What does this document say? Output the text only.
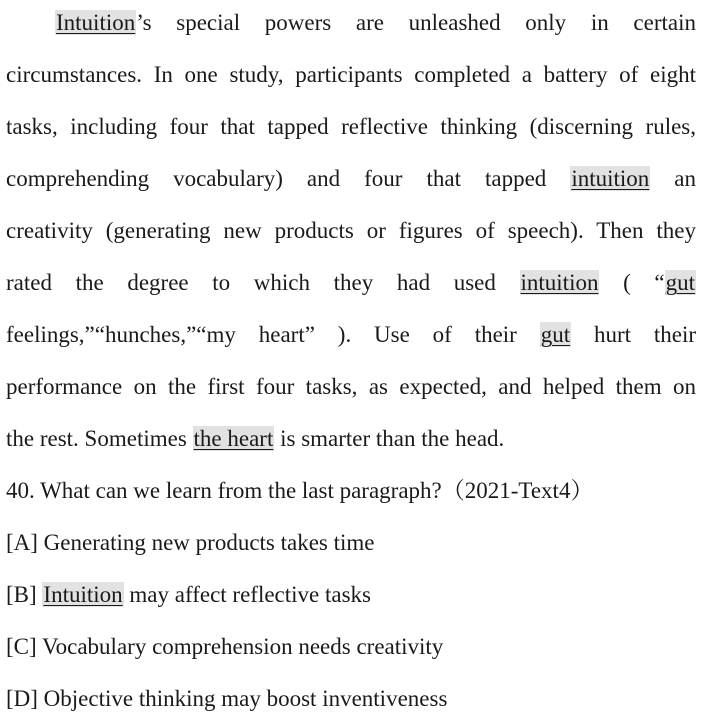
Intuition’s special powers are unleashed only in certain
circumstances. In one study, participants completed a battery of eight
tasks, including four that tapped reflective thinking (discerning rules,
comprehending vocabulary) and four that tapped intuition an
creativity (generating new products or figures of speech). Then they
rated the degree to which they had used intuition ( “gut
feelings,”“hunches,”“my heart” ). Use of their gut hurt their
performance on the first four tasks, as expected, and helped them on
the rest. Sometimes the heart is smarter than the head.
40. What can we learn from the last paragraph?（2021-Text4）
[A] Generating new products takes time
[B] Intuition may affect reflective tasks
[C] Vocabulary comprehension needs creativity
[D] Objective thinking may boost inventiveness
